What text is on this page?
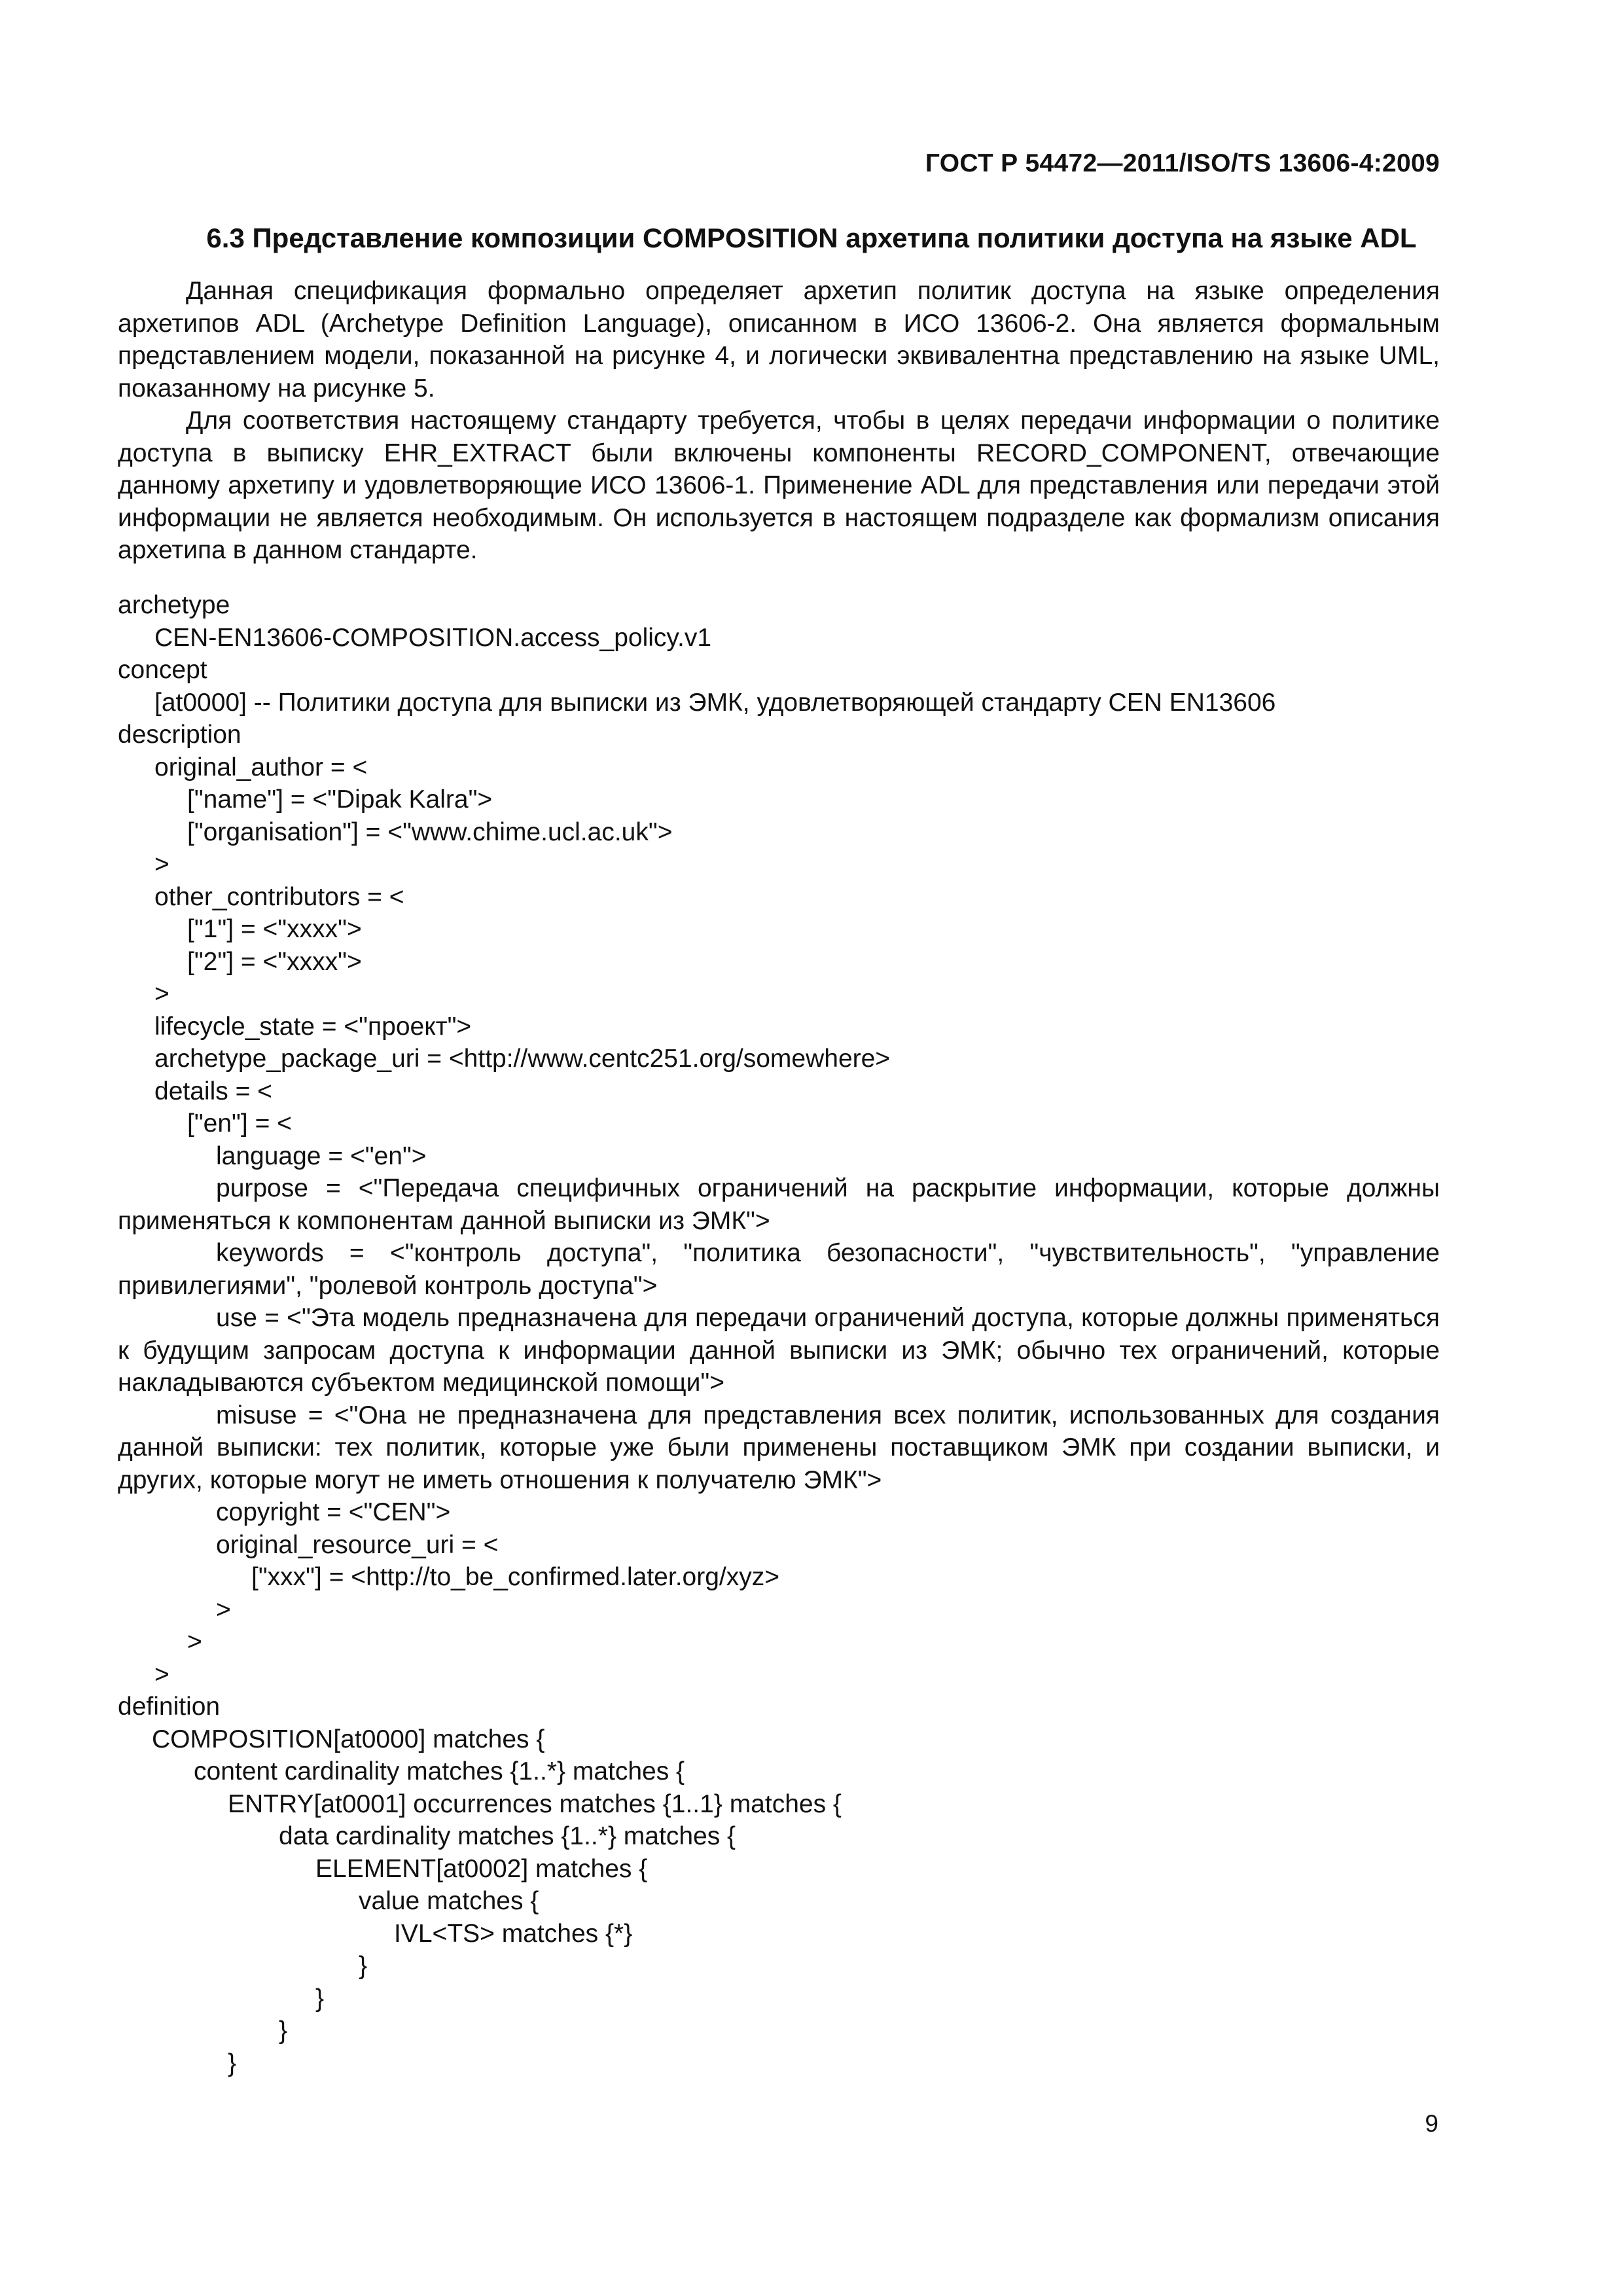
ГОСТ Р 54472—2011/ISO/TS 13606-4:2009
6.3 Представление композиции COMPOSITION архетипа политики доступа на языке ADL

Данная спецификация формально определяет архетип политик доступа на языке определения архетипов ADL (Archetype Definition Language), описанном в ИСО 13606-2. Она является формальным представлением модели, показанной на рисунке 4, и логически эквивалентна представлению на языке UML, показанному на рисунке 5.

Для соответствия настоящему стандарту требуется, чтобы в целях передачи информации о политике доступа в выписку EHR_EXTRACT были включены компоненты RECORD_COMPONENT, отвечающие данному архетипу и удовлетворяющие ИСО 13606-1. Применение ADL для представления или передачи этой информации не является необходимым. Он используется в настоящем подразделе как формализм описания архетипа в данном стандарте.

archetype
CEN-EN13606-COMPOSITION.access_policy.v1
concept
[at0000] -- Политики доступа для выписки из ЭМК, удовлетворяющей стандарту CEN EN13606
description
original_author = <
["name"] = <"Dipak Kalra">
["organisation"] = <"www.chime.ucl.ac.uk">
>
other_contributors = <
["1"] = <"xxxx">
["2"] = <"xxxx">
>
lifecycle_state = <"проект">
archetype_package_uri = <http://www.centc251.org/somewhere>
details = <
["en"] = <
language = <"en">
purpose = <"Передача специфичных ограничений на раскрытие информации, которые должны применяться к компонентам данной выписки из ЭМК">
keywords = <"контроль доступа", "политика безопасности", "чувствительность", "управление привилегиями", "ролевой контроль доступа">
use = <"Эта модель предназначена для передачи ограничений доступа, которые должны применяться к будущим запросам доступа к информации данной выписки из ЭМК; обычно тех ограничений, которые накладываются субъектом медицинской помощи">
misuse = <"Она не предназначена для представления всех политик, использованных для создания данной выписки: тех политик, которые уже были применены поставщиком ЭМК при создании выписки, и других, которые могут не иметь отношения к получателю ЭМК">
copyright = <"CEN">
original_resource_uri = <
["xxx"] = <http://to_be_confirmed.later.org/xyz>
>
>
>
definition
COMPOSITION[at0000] matches {
content cardinality matches {1..*} matches {
ENTRY[at0001] occurrences matches {1..1} matches {
data cardinality matches {1..*} matches {
ELEMENT[at0002] matches {
value matches {
IVL<TS> matches {*}
}
}
}
}
9
